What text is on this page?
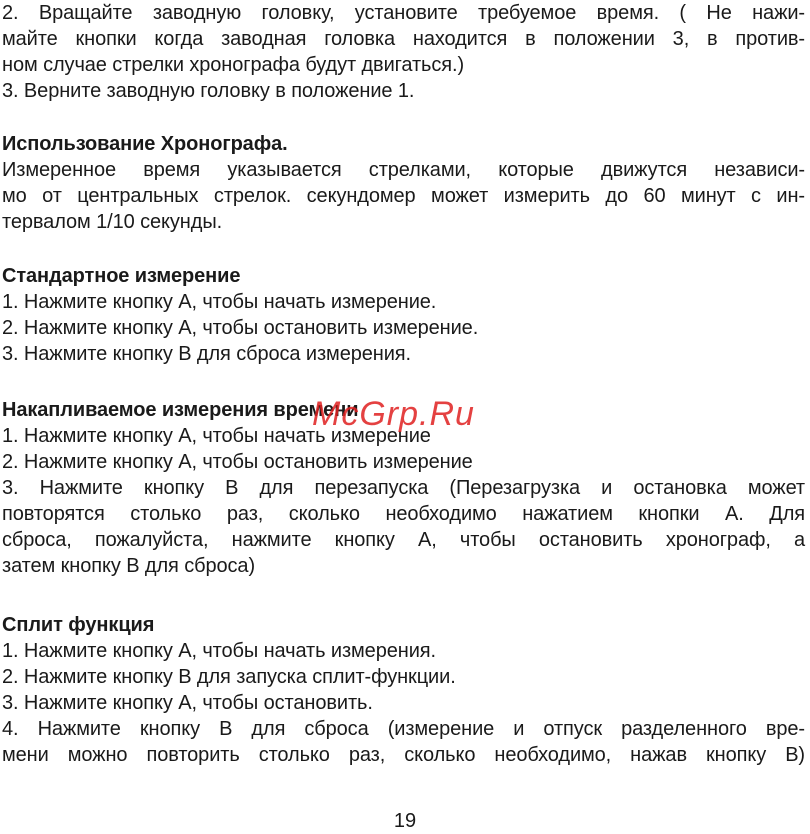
2. Вращайте заводную головку, установите требуемое время. ( Не нажи-
майте кнопки когда заводная головка находится в положении 3, в против-
ном случае стрелки хронографа будут двигаться.)
3. Верните заводную головку в положение 1.
Использование Хронографа.
Измеренное время указывается стрелками, которые движутся независи-
мо от центральных стрелок. секундомер может измерить до 60 минут с ин-
тервалом 1/10 секунды.
Стандартное измерение
1. Нажмите кнопку А, чтобы начать измерение.
2. Нажмите кнопку А, чтобы остановить измерение.
3. Нажмите кнопку В для сброса измерения.
Накапливаемое измерения времени
1. Нажмите кнопку А, чтобы начать измерение
2. Нажмите кнопку А, чтобы остановить измерение
3. Нажмите кнопку В для перезапуска (Перезагрузка и остановка может
повторятся столько раз, сколько необходимо нажатием кнопки А. Для
сброса, пожалуйста, нажмите кнопку А, чтобы остановить хронограф, а
затем кнопку В для сброса)
Сплит функция
1. Нажмите кнопку А, чтобы начать измерения.
2. Нажмите кнопку В для запуска сплит-функции.
3. Нажмите кнопку А, чтобы остановить.
4. Нажмите кнопку В для сброса (измерение и отпуск разделенного вре-
мени можно повторить столько раз, сколько необходимо, нажав кнопку В)
19
McGrp.Ru
